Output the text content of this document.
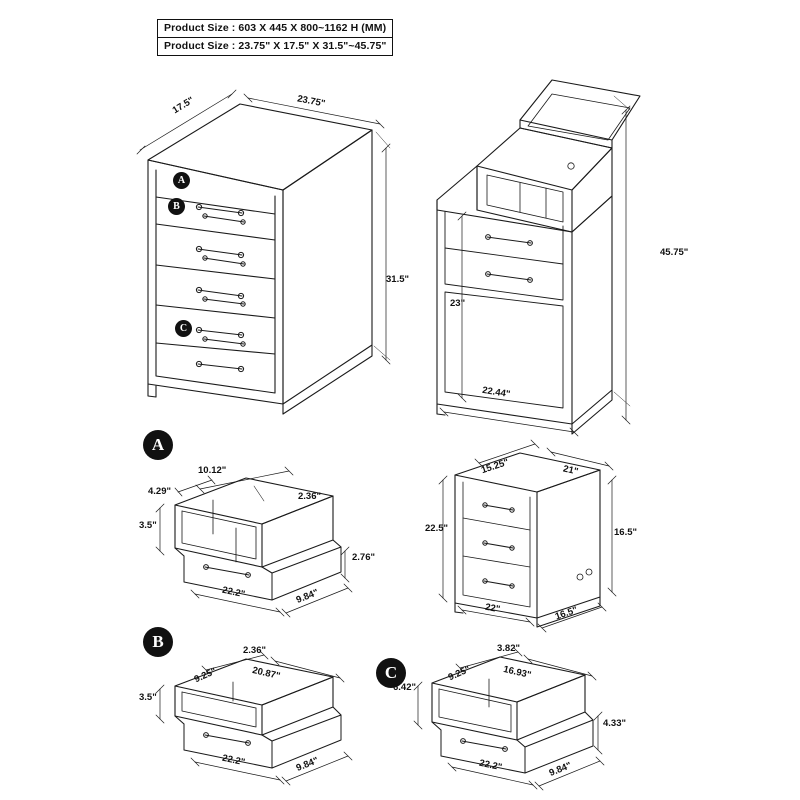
Product Size : 603 X 445 X 800~1162 H (MM)
Product Size : 23.75" X 17.5" X 31.5"~45.75"
A
B
C
A
B
C
17.5"	23.75"
31.5"
45.75"
23"
22.44"
10.12"
4.29"	2.36"
3.5"
2.76"
22.2"	9.84"
15.25"	21"
22.5"	16.5"
22"	16.5"
2.36"
9.25"	20.87"
3.5"
22.2"	9.84"
3.82"
9.25"	16.93"
6.42"
4.33"
22.2"	9.84"
